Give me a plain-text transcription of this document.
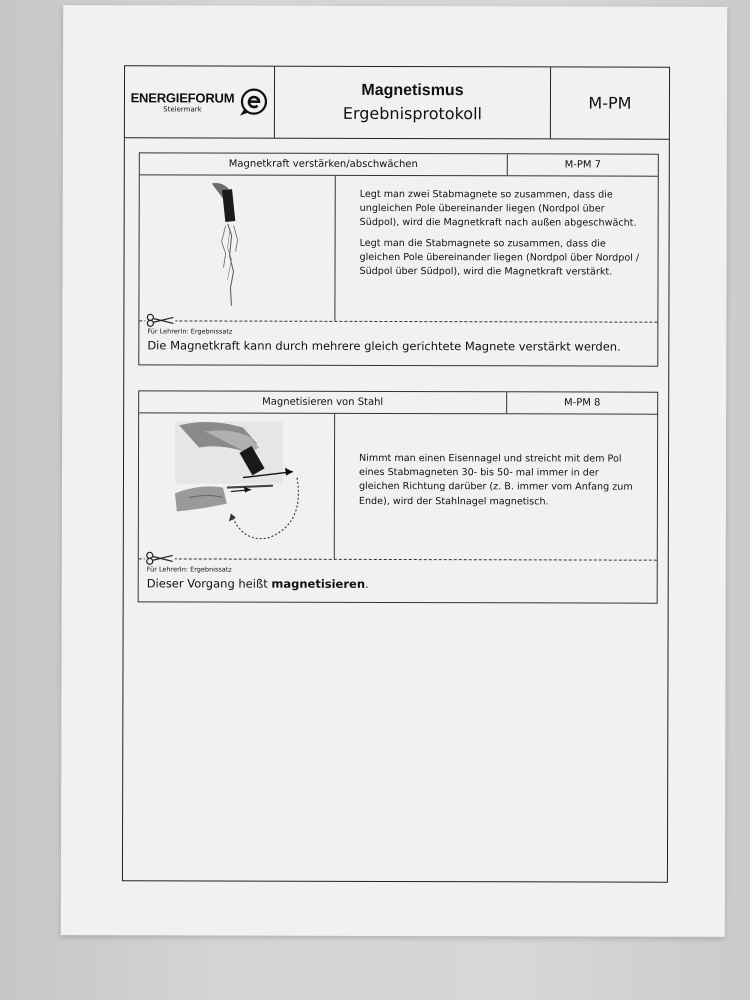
ENERGIEFORUM
Steiermark
Magnetismus
Ergebnisprotokoll
M-PM
Magnetkraft verstärken/abschwächen	M-PM 7

Legt man zwei Stabmagnete so zusammen, dass die ungleichen Pole übereinander liegen (Nordpol über Südpol), wird die Magnetkraft nach außen abgeschwächt.

Legt man die Stabmagnete so zusammen, dass die gleichen Pole übereinander liegen (Nordpol über Nordpol / Südpol über Südpol), wird die Magnetkraft verstärkt.

Für LehrerIn: Ergebnissatz
Die Magnetkraft kann durch mehrere gleich gerichtete Magnete verstärkt werden.
Magnetisieren von Stahl	M-PM 8

Nimmt man einen Eisennagel und streicht mit dem Pol eines Stabmagneten 30- bis 50- mal immer in der gleichen Richtung darüber (z. B. immer vom Anfang zum Ende), wird der Stahlnagel magnetisch.

Für LehrerIn: Ergebnissatz
Dieser Vorgang heißt magnetisieren.
